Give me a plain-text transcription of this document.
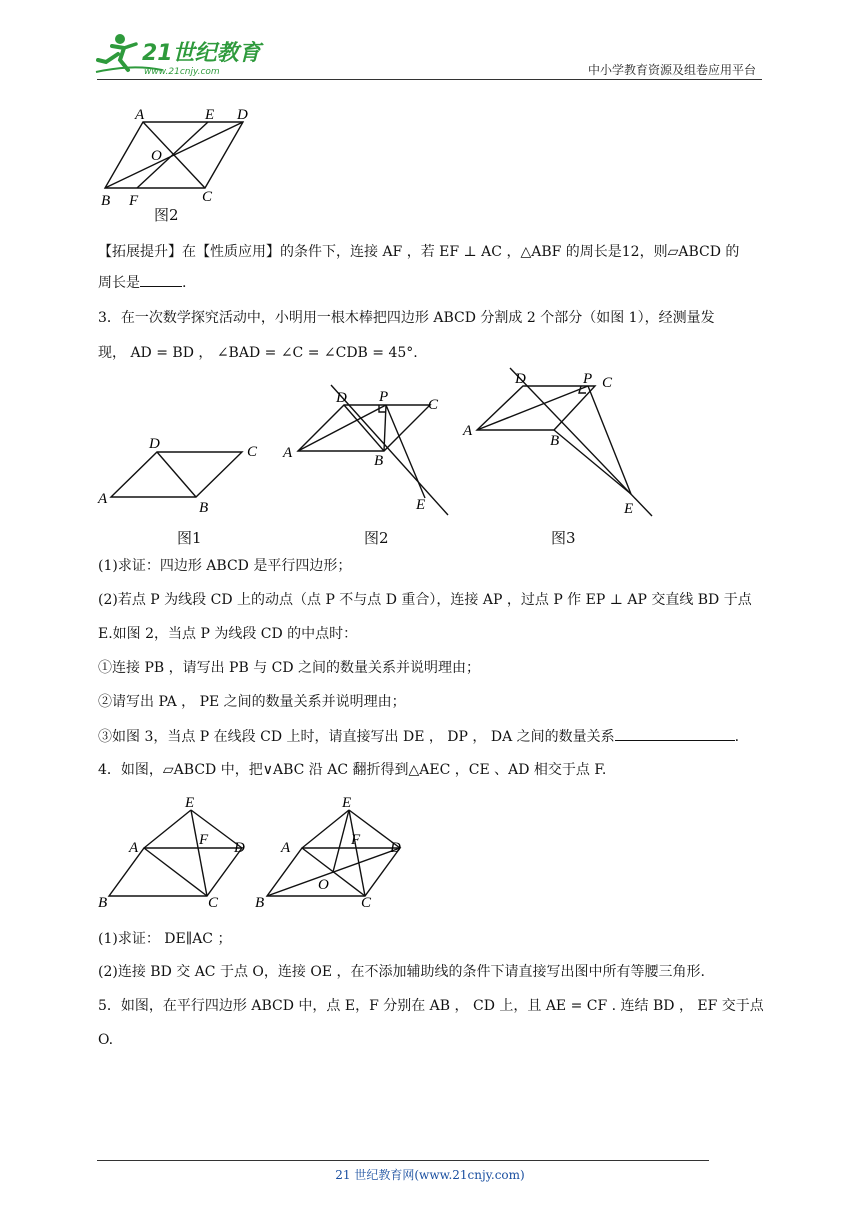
21世纪教育
www.21cnjy.com	中小学教育资源及组卷应用平台
A	E D
O
B F	C
图2
【拓展提升】在【性质应用】的条件下，连接 AF ，若 EF ⊥ AC ，△ABF 的周长是12，则▱ABCD 的
周长是	.
3．在一次数学探究活动中，小明用一根木棒把四边形 ABCD 分割成 2 个部分（如图 1），经测量发
现， AD = BD ， ∠BAD = ∠C = ∠CDB = 45°.
D	C
A
B
D P	C
A	B
E
D	P C
A
B
E
图1	图2	图3
(1)求证：四边形 ABCD 是平行四边形；
(2)若点 P 为线段 CD 上的动点（点 P 不与点 D 重合），连接 AP ，过点 P 作 EP ⊥ AP 交直线 BD 于点
E.如图 2，当点 P 为线段 CD 的中点时：
①连接 PB ，请写出 PB 与 CD 之间的数量关系并说明理由；
②请写出 PA ， PE 之间的数量关系并说明理由；
③如图 3，当点 P 在线段 CD 上时，请直接写出 DE ， DP ， DA 之间的数量关系	.
4．如图，▱ABCD 中，把∨ABC 沿 AC 翻折得到△AEC ，CE 、AD 相交于点 F.
E
A	F D
B	C
E
A	F D
O
B	C
(1)求证： DE∥AC ；
(2)连接 BD 交 AC 于点 O，连接 OE ，在不添加辅助线的条件下请直接写出图中所有等腰三角形.
5．如图，在平行四边形 ABCD 中，点 E，F 分别在 AB ， CD 上，且 AE = CF . 连结 BD ， EF 交于点
O.
21 世纪教育网(www.21cnjy.com)
